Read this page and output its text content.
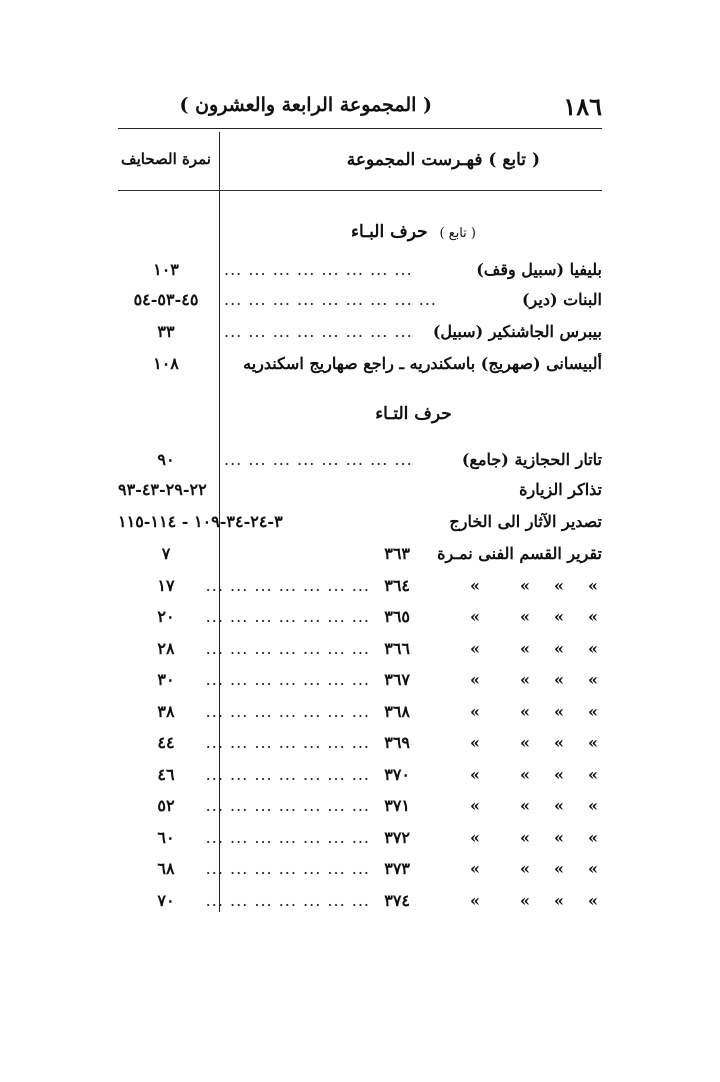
١٨٦
( المجموعة الرابعة والعشرون )
( تابع ) فهـرست المجموعة
نمرة الصحايف
( تابع )  حرف البـاء
بليفيا (سبيل وقف)
... ... ... ... ... ... ... ...
١٠٣
البنات (دير)
... ... ... ... ... ... ... ... ...
٤٥-٥٣-٥٤
بيبرس الجاشنكير (سبيل)
... ... ... ... ... ... ... ...
٣٣
ألبيسانى (صهريج) باسكندريه ـ راجع صهاريج اسكندريه
١٠٨
حرف التـاء
تاتار الحجازية (جامع)
... ... ... ... ... ... ... ...
٩٠
تذاكر الزيارة
٢٢-٢٩-٤٣-٩٣
تصدير الآثار الى الخارج
٣-٢٤-٣٤-١٠٩ - ١١٤-١١٥
تقرير القسم الفنى نمـرة
٣٦٣
٧
»
»
»
»
٣٦٤
... ... ... ... ... ... ...
١٧
»
»
»
»
٣٦٥
... ... ... ... ... ... ...
٢٠
»
»
»
»
٣٦٦
... ... ... ... ... ... ...
٢٨
»
»
»
»
٣٦٧
... ... ... ... ... ... ...
٣٠
»
»
»
»
٣٦٨
... ... ... ... ... ... ...
٣٨
»
»
»
»
٣٦٩
... ... ... ... ... ... ...
٤٤
»
»
»
»
٣٧٠
... ... ... ... ... ... ...
٤٦
»
»
»
»
٣٧١
... ... ... ... ... ... ...
٥٢
»
»
»
»
٣٧٢
... ... ... ... ... ... ...
٦٠
»
»
»
»
٣٧٣
... ... ... ... ... ... ...
٦٨
»
»
»
»
٣٧٤
... ... ... ... ... ... ...
٧٠
